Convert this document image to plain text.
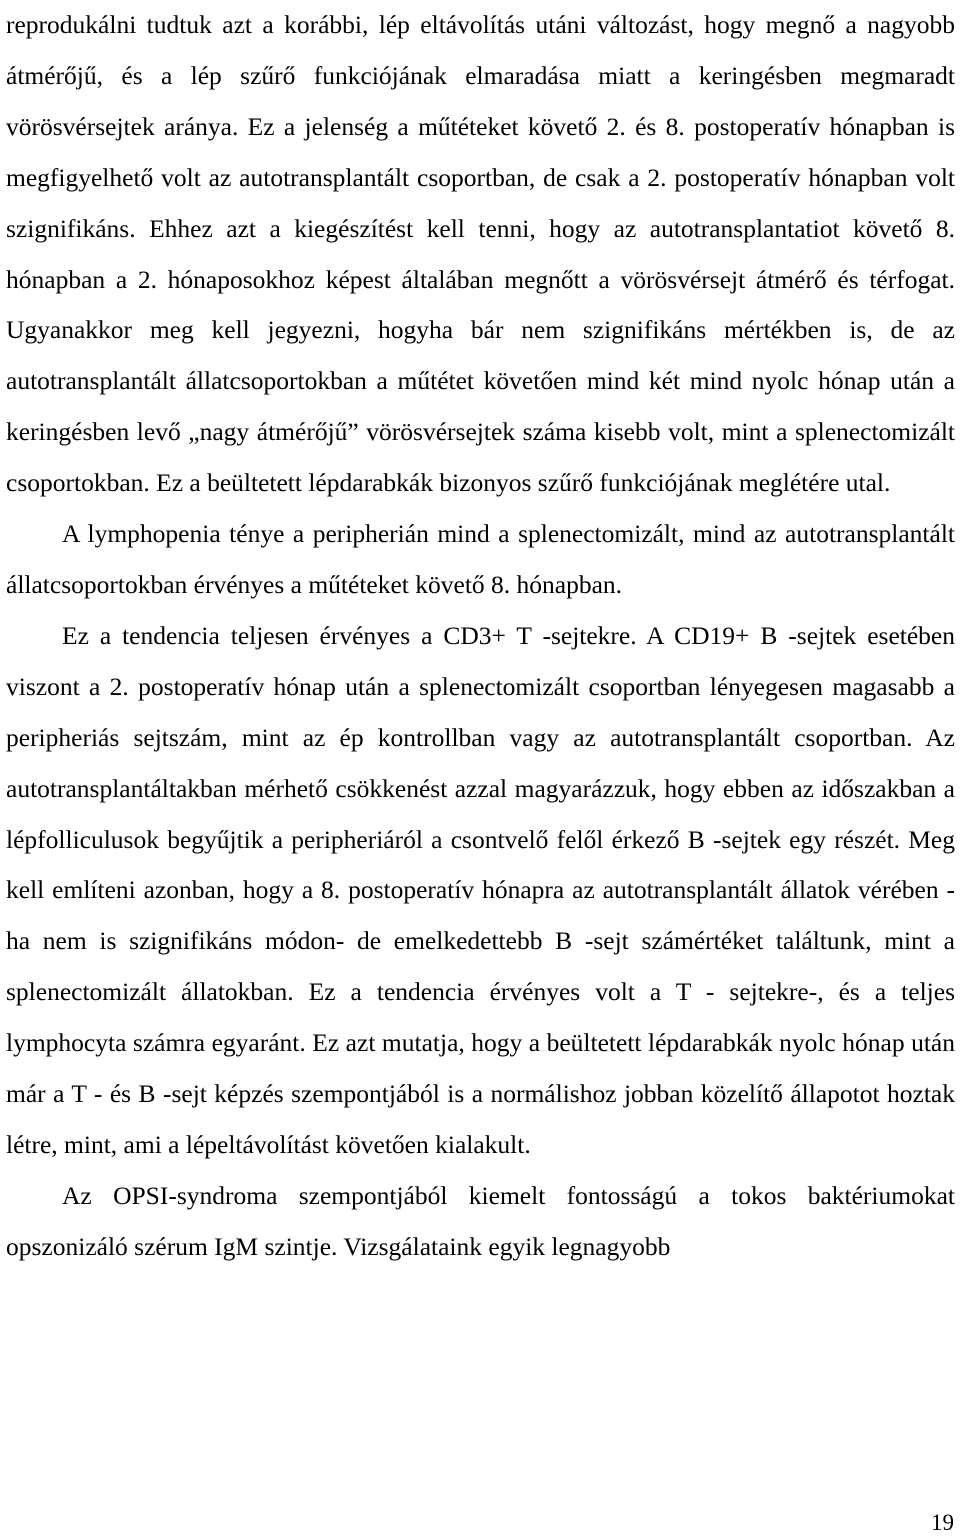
reprodukálni tudtuk azt a korábbi, lép eltávolítás utáni változást, hogy megnő a nagyobb átmérőjű, és a lép szűrő funkciójának elmaradása miatt a keringésben megmaradt vörösvérsejtek aránya. Ez a jelenség a műtéteket követő 2. és 8. postoperatív hónapban is megfigyelhető volt az autotransplantált csoportban, de csak a 2. postoperatív hónapban volt szignifikáns. Ehhez azt a kiegészítést kell tenni, hogy az autotransplantatiot követő 8. hónapban a 2. hónaposokhoz képest általában megnőtt a vörösvérsejt átmérő és térfogat. Ugyanakkor meg kell jegyezni, hogyha bár nem szignifikáns mértékben is, de az autotransplantált állatcsoportokban a műtétet követően mind két mind nyolc hónap után a keringésben levő „nagy átmérőjű” vörösvérsejtek száma kisebb volt, mint a splenectomizált csoportokban. Ez a beültetett lépdarabkák bizonyos szűrő funkciójának meglétére utal.

A lymphopenia ténye a peripherián mind a splenectomizált, mind az autotransplantált állatcsoportokban érvényes a műtéteket követő 8. hónapban.

Ez a tendencia teljesen érvényes a CD3+ T -sejtekre. A CD19+ B -sejtek esetében viszont a 2. postoperatív hónap után a splenectomizált csoportban lényegesen magasabb a peripheriás sejtszám, mint az ép kontrollban vagy az autotransplantált csoportban. Az autotransplantáltakban mérhető csökkenést azzal magyarázzuk, hogy ebben az időszakban a lépfolliculusok begyűjtik a peripheriáról a csontvelő felől érkező B -sejtek egy részét. Meg kell említeni azonban, hogy a 8. postoperatív hónapra az autotransplantált állatok vérében -ha nem is szignifikáns módon- de emelkedettebb B -sejt számértéket találtunk, mint a splenectomizált állatokban. Ez a tendencia érvényes volt a T - sejtekre-, és a teljes lymphocyta számra egyaránt. Ez azt mutatja, hogy a beültetett lépdarabkák nyolc hónap után már a T - és B -sejt képzés szempontjából is a normálishoz jobban közelítő állapotot hoztak létre, mint, ami a lépeltávolítást követően kialakult.

Az OPSI-syndroma szempontjából kiemelt fontosságú a tokos baktériumokat opszonizáló szérum IgM szintje. Vizsgálataink egyik legnagyobb

19
